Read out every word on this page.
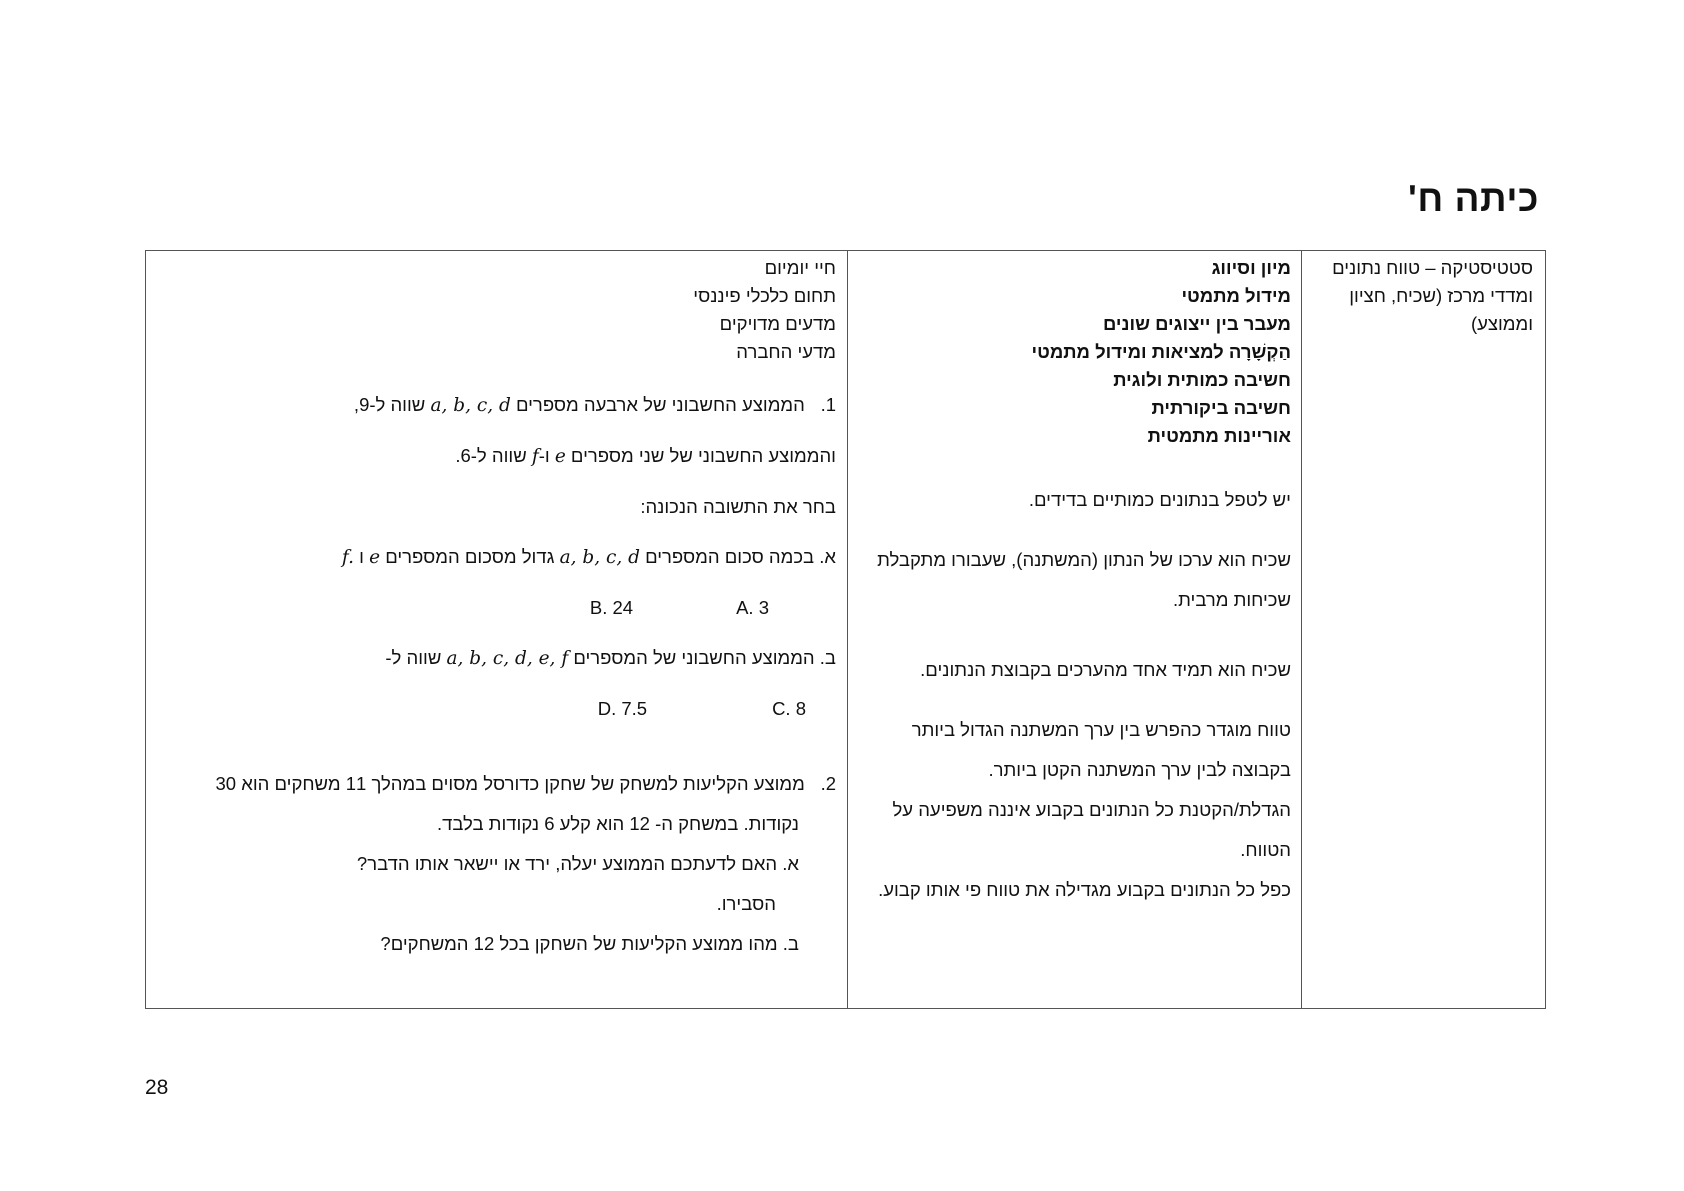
כיתה ח'
סטטיסטיקה – טווח נתונים ומדדי מרכז (שכיח, חציון וממוצע)
מיון וסיווג
מידול מתמטי
מעבר בין ייצוגים שונים
הַקְשָׁרָה למציאות ומידול מתמטי
חשיבה כמותית ולוגית
חשיבה ביקורתית
אוריינות מתמטית

יש לטפל בנתונים כמותיים בדידים.

שכיח הוא ערכו של הנתון (המשתנה), שעבורו מתקבלת

שכיחות מרבית.

שכיח הוא תמיד אחד מהערכים בקבוצת הנתונים.

טווח מוגדר כהפרש בין ערך המשתנה הגדול ביותר

בקבוצה לבין ערך המשתנה הקטן ביותר.

הגדלת/הקטנת כל הנתונים בקבוע איננה משפיעה על

הטווח.

כפל כל הנתונים בקבוע מגדילה את טווח פי אותו קבוע.

חיי יומיום
תחום כלכלי פיננסי
מדעים מדויקים
מדעי החברה

1. הממוצע החשבוני של ארבעה מספרים a, b, c, d שווה ל-9,

והממוצע החשבוני של שני מספרים e ו-f שווה ל-6.

בחר את התשובה הנכונה:

א. בכמה סכום המספרים a, b, c, d גדול מסכום המספרים e ו f.

A. 3
B. 24

ב. הממוצע החשבוני של המספרים a, b, c, d, e, f שווה ל-

C. 8
D. 7.5

2. ממוצע הקליעות למשחק של שחקן כדורסל מסוים במהלך 11 משחקים הוא 30

נקודות. במשחק ה- 12 הוא קלע 6 נקודות בלבד.

א. האם לדעתכם הממוצע יעלה, ירד או יישאר אותו הדבר?

הסבירו.

ב. מהו ממוצע הקליעות של השחקן בכל 12 המשחקים?

28
